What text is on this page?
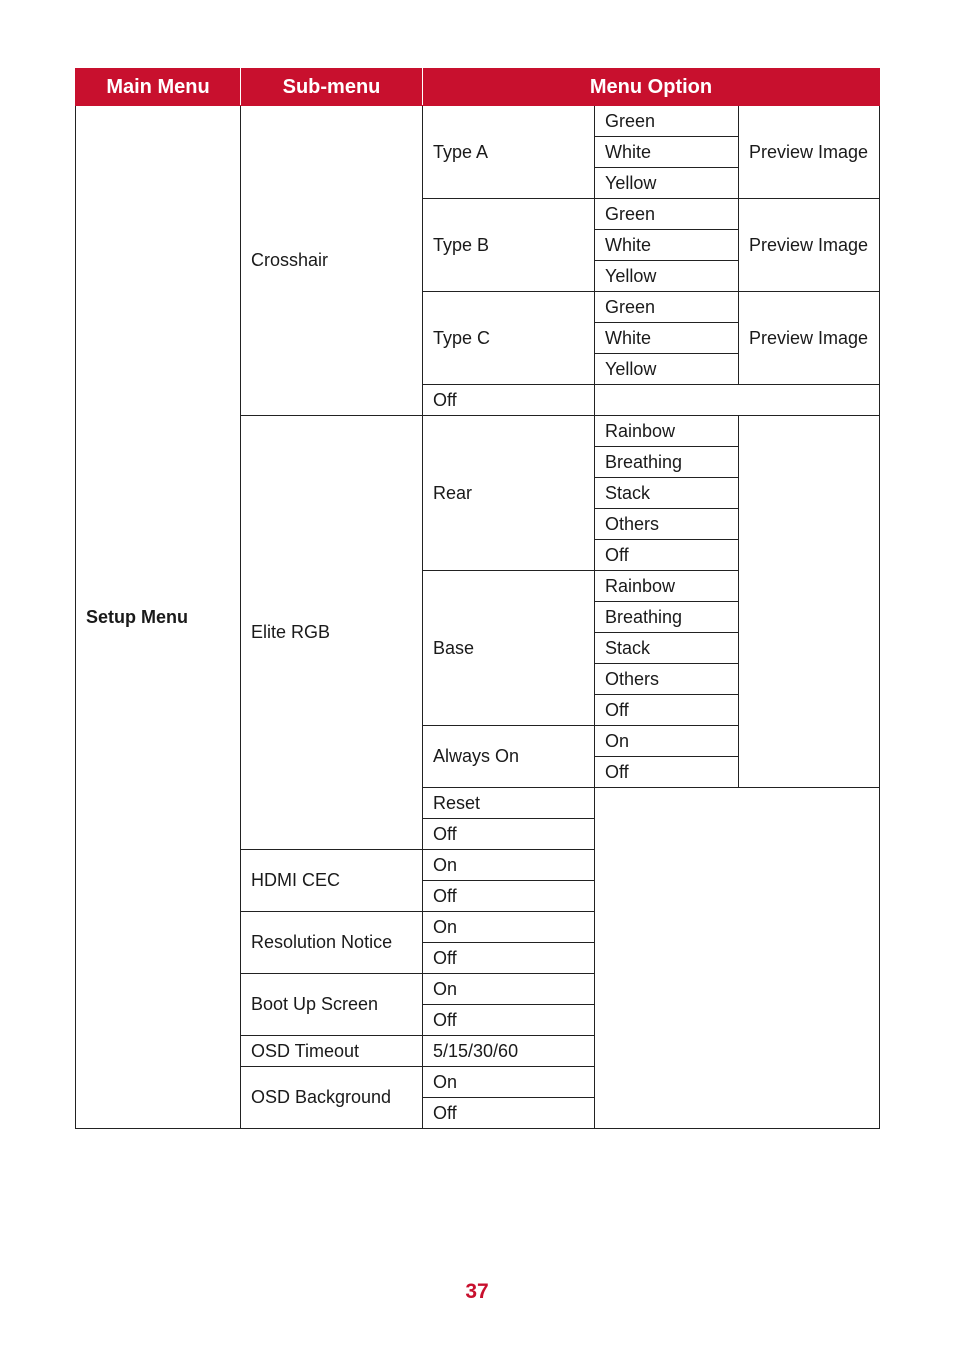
Main Menu	Sub-menu	Menu Option		
Setup Menu	Crosshair	Type A	Green	Preview Image
			White	
			Yellow	
		Type B	Green	Preview Image
			White	
			Yellow	
		Type C	Green	Preview Image
			White	
			Yellow	
		Off		
	Elite RGB	Rear	Rainbow	
			Breathing	
			Stack	
			Others	
			Off	
		Base	Rainbow	
			Breathing	
			Stack	
			Others	
			Off	
		Always On	On	
			Off	
		Reset		
		Off		
	HDMI CEC	On		
		Off		
	Resolution Notice	On		
		Off		
	Boot Up Screen	On		
		Off		
	OSD Timeout	5/15/30/60		
	OSD Background	On		
		Off		
37
